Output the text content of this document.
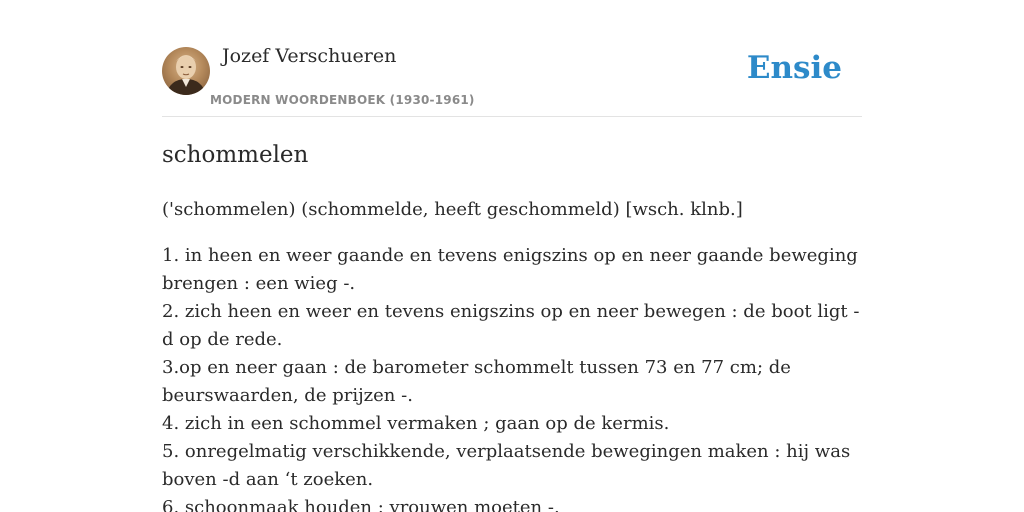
Jozef Verschueren
MODERN WOORDENBOEK (1930-1961)
Ensie
schommelen

('schommelen) (schommelde, heeft geschommeld) [wsch. klnb.]

1. in heen en weer gaande en tevens enigszins op en neer gaande beweging brengen : een wieg -.
2. zich heen en weer en tevens enigszins op en neer bewegen : de boot ligt -d op de rede.
3.op en neer gaan : de barometer schommelt tussen 73 en 77 cm; de beurswaarden, de prijzen -.
4. zich in een schommel vermaken ; gaan op de kermis.
5. onregelmatig verschikkende, verplaatsende bewegingen maken : hij was boven -d aan ‘t zoeken.
6. schoonmaak houden : vrouwen moeten -.
